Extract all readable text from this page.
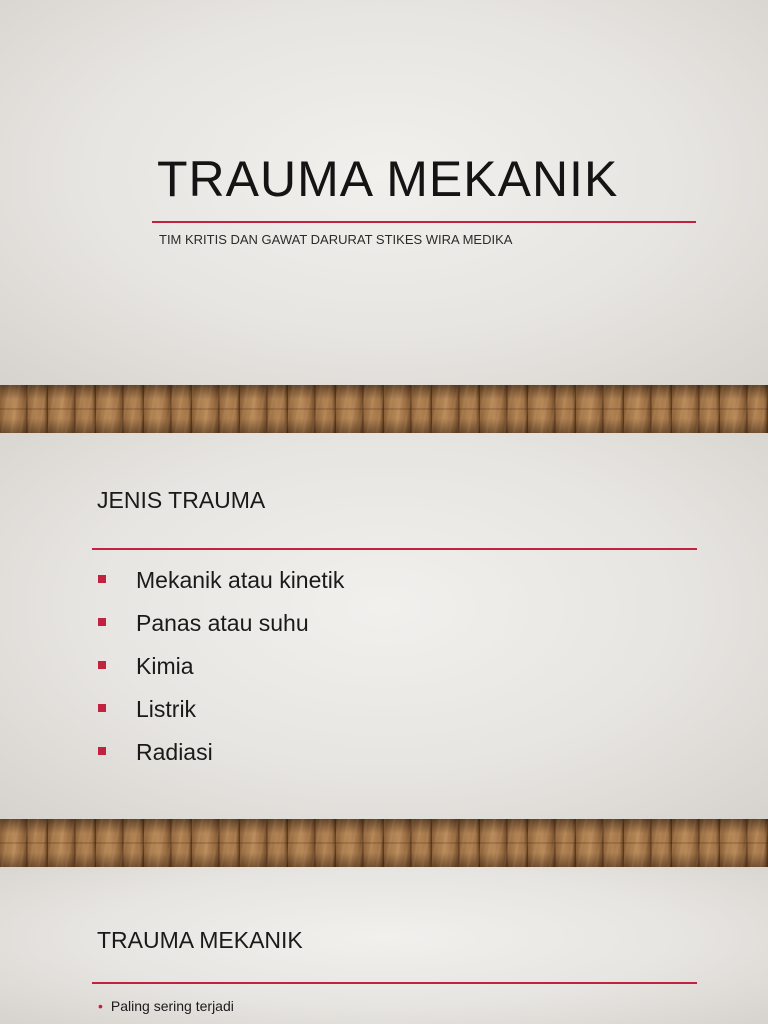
TRAUMA MEKANIK

TIM KRITIS DAN GAWAT DARURAT STIKES WIRA MEDIKA

JENIS TRAUMA
Mekanik atau kinetik
Panas atau suhu
Kimia
Listrik
Radiasi
TRAUMA MEKANIK
• Paling sering terjadi
